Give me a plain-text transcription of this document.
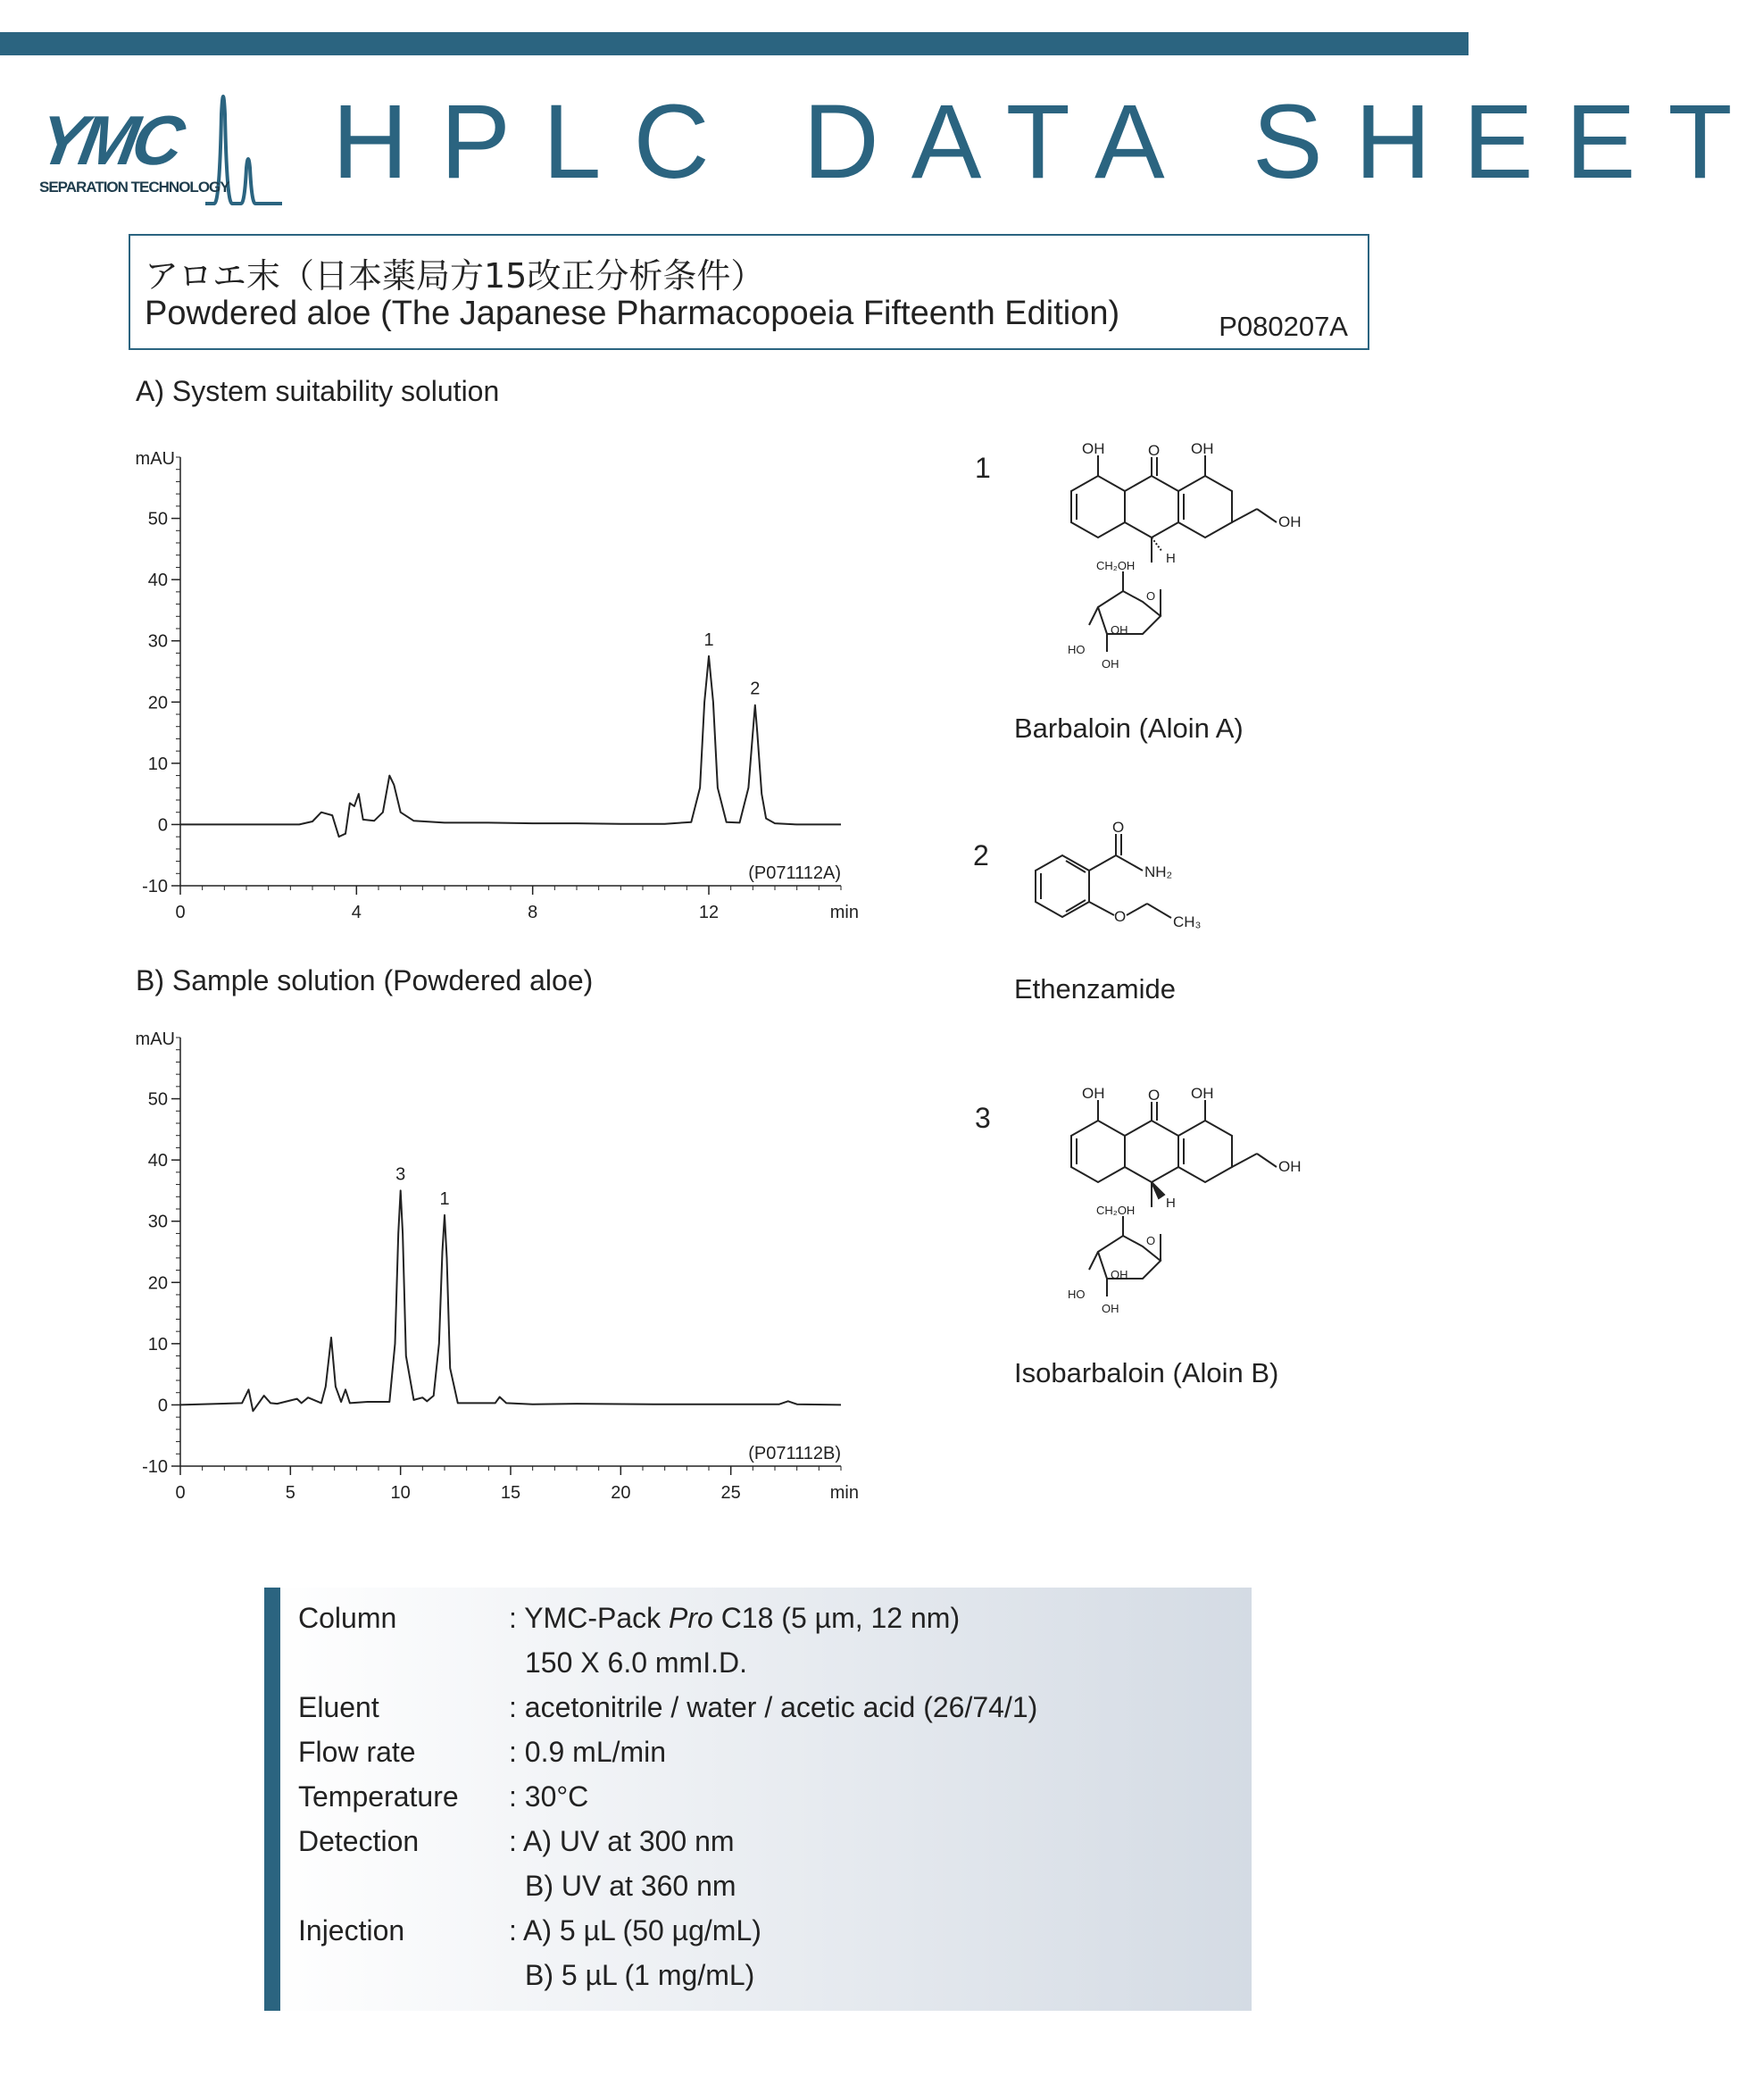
YMC
SEPARATION TECHNOLOGY HPLC DATA SHEET
アロエ末（日本薬局方15改正分析条件）
Powdered aloe (The Japanese Pharmacopoeia Fifteenth Edition)	P080207A
A) System suitability solution
B) Sample solution (Powdered aloe)
0	4	8	12
-10
0
10
20
30
40
50
mAU
min
(P071112A)
1
2
0	5	10	15	20	25
-10
0
10
20
30
40
50
mAU
min
(P071112B)
3
1
1
OH	O OH
OH
H
CH₂OH
O
HO
OH
OH
Barbaloin (Aloin A)
2
O
NH₂
O	CH₃
Ethenzamide
3
OH	O OH
OH
H
CH₂OH
O
HO
OH
OH
Isobarbaloin (Aloin B)
Column	: YMC-Pack Pro C18 (5 µm, 12 nm)
150 X 6.0 mmI.D.
Eluent	: acetonitrile / water / acetic acid (26/74/1)
Flow rate	: 0.9 mL/min
Temperature : 30°C
Detection	: A) UV at 300 nm
B) UV at 360 nm
Injection	: A) 5 µL (50 µg/mL)
B) 5 µL (1 mg/mL)
